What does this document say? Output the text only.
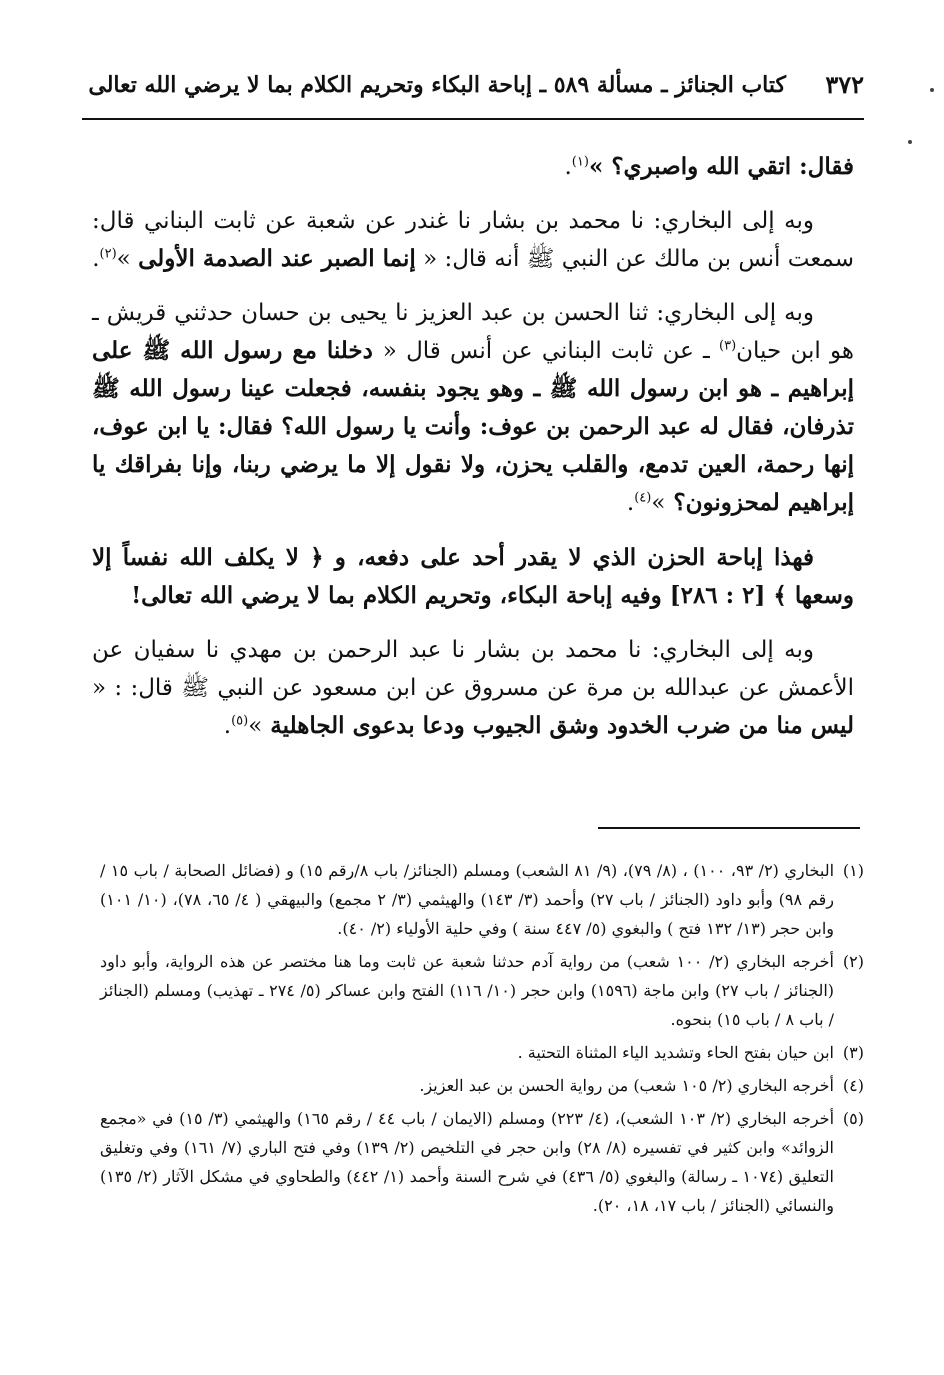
٣٧٢
كتاب الجنائز ـ مسألة ٥٨٩ ـ إباحة البكاء وتحريم الكلام بما لا يرضي الله تعالى

فقال: اتقي الله واصبري؟ »$^{(١)}$.

وبه إلى البخاري: نا محمد بن بشار نا غندر عن شعبة عن ثابت البناني قال: سمعت أنس بن مالك عن النبي ﷺ أنه قال: « إنما الصبر عند الصدمة الأولى »$^{(٢)}$.

وبه إلى البخاري: ثنا الحسن بن عبد العزيز نا يحيى بن حسان حدثني قريش ـ هو ابن حيان$^{(٣)}$ ـ عن ثابت البناني عن أنس قال « دخلنا مع رسول الله ﷺ على إبراهيم ـ هو ابن رسول الله ﷺ ـ وهو يجود بنفسه، فجعلت عينا رسول الله ﷺ تذرفان، فقال له عبد الرحمن بن عوف: وأنت يا رسول الله؟ فقال: يا ابن عوف، إنها رحمة، العين تدمع، والقلب يحزن، ولا نقول إلا ما يرضي ربنا، وإنا بفراقك يا إبراهيم لمحزونون؟ »$^{(٤)}$.

فهذا إباحة الحزن الذي لا يقدر أحد على دفعه، و ﴿ لا يكلف الله نفساً إلا وسعها ﴾ [٢ : ٢٨٦] وفيه إباحة البكاء، وتحريم الكلام بما لا يرضي الله تعالى!

وبه إلى البخاري: نا محمد بن بشار نا عبد الرحمن بن مهدي نا سفيان عن الأعمش عن عبدالله بن مرة عن مسروق عن ابن مسعود عن النبي ﷺ قال: : « ليس منا من ضرب الخدود وشق الجيوب ودعا بدعوى الجاهلية »$^{(٥)}$.

(١)
البخاري (٢/ ٩٣، ١٠٠) ، (٨/ ٧٩)، (٩/ ٨١ الشعب) ومسلم (الجنائز/ باب ٨/رقم ١٥) و (فضائل الصحابة / باب ١٥ / رقم ٩٨) وأبو داود (الجنائز / باب ٢٧) وأحمد (٣/ ١٤٣) والهيثمي (٣/ ٢ مجمع) والبيهقي ( ٤/ ٦٥، ٧٨)، (١٠/ ١٠١) وابن حجر (١٣/ ١٣٢ فتح ) والبغوي (٥/ ٤٤٧ سنة ) وفي حلية الأولياء (٢/ ٤٠).
(٢)
أخرجه البخاري (٢/ ١٠٠ شعب) من رواية آدم حدثنا شعبة عن ثابت وما هنا مختصر عن هذه الرواية، وأبو داود (الجنائز / باب ٢٧) وابن ماجة (١٥٩٦) وابن حجر (١٠/ ١١٦) الفتح وابن عساكر (٥/ ٢٧٤ ـ تهذيب) ومسلم (الجنائز / باب ٨ / باب ١٥) بنحوه.
(٣)
ابن حيان بفتح الحاء وتشديد الياء المثناة التحتية .
(٤)
أخرجه البخاري (٢/ ١٠٥ شعب) من رواية الحسن بن عبد العزيز.
(٥)
أخرجه البخاري (٢/ ١٠٣ الشعب)، (٤/ ٢٢٣) ومسلم (الايمان / باب ٤٤ / رقم ١٦٥) والهيثمي (٣/ ١٥) في «مجمع الزوائد» وابن كثير في تفسيره (٨/ ٢٨) وابن حجر في التلخيص (٢/ ١٣٩) وفي فتح الباري (٧/ ١٦١) وفي وتغليق التعليق (١٠٧٤ ـ رسالة) والبغوي (٥/ ٤٣٦) في شرح السنة وأحمد (١/ ٤٤٢) والطحاوي في مشكل الآثار (٢/ ١٣٥) والنسائي (الجنائز / باب ١٧، ١٨، ٢٠).
